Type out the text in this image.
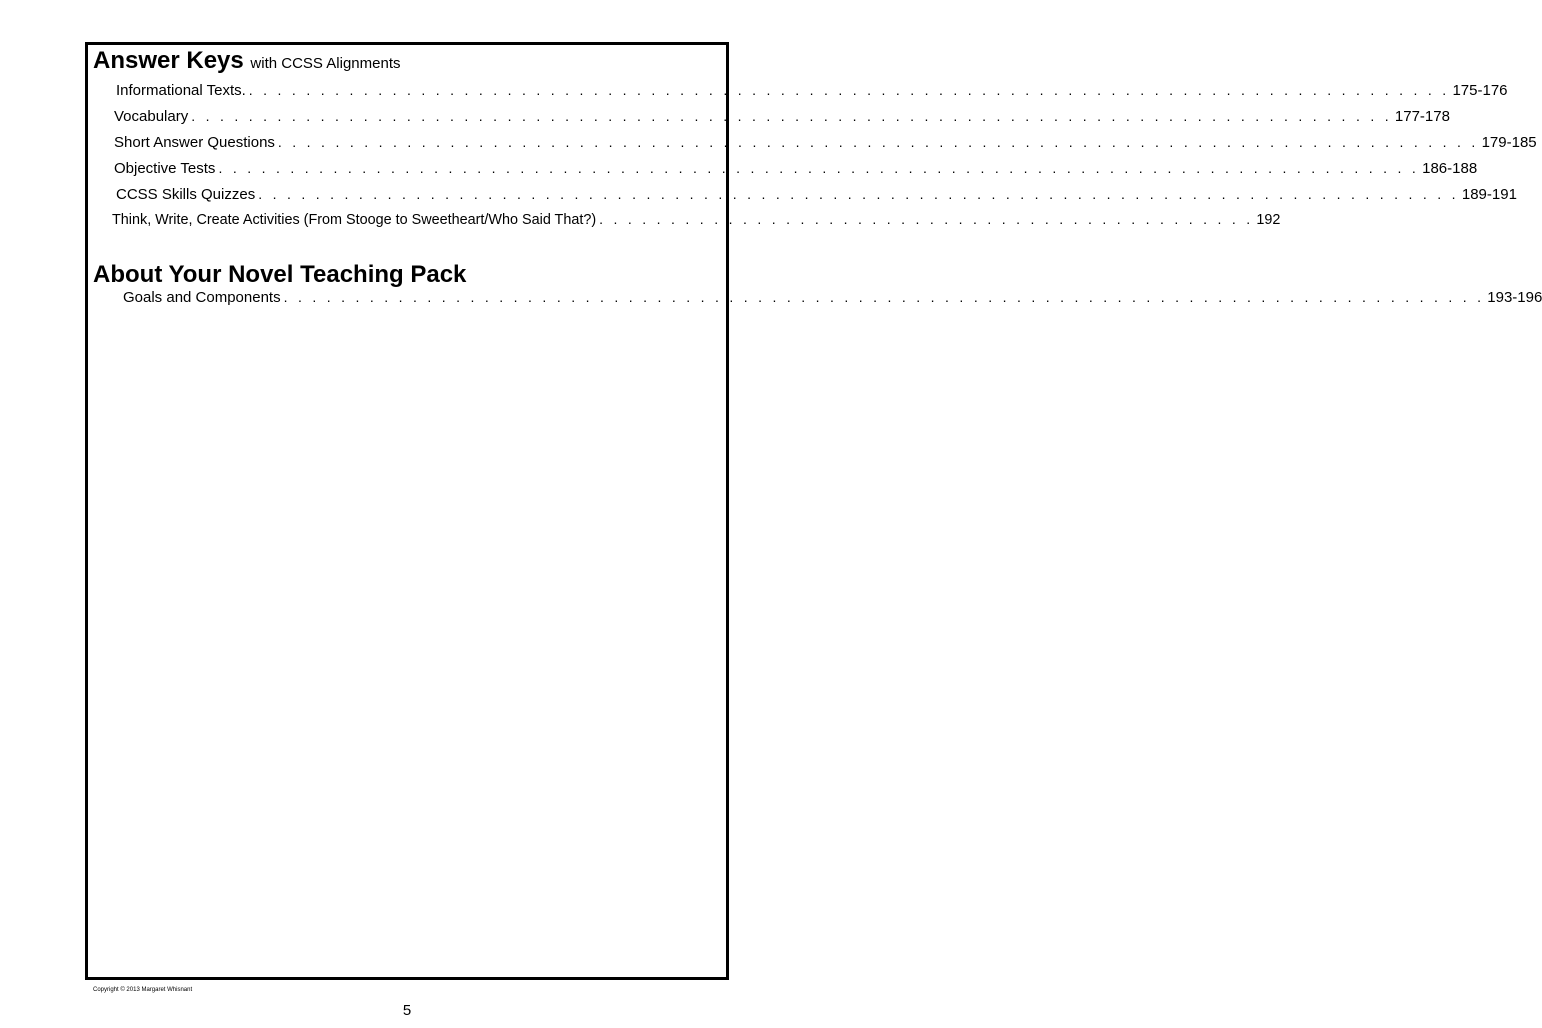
Answer Keys with CCSS Alignments
Informational Texts. . . . . . . . . . . . . . . . . . . . . . . . . . . . . . . . . . . . . . . . . . . . . . . . . . . . . . . . . . . . . . . . . . . . . . . . . . . . . . . . . . . . . 175-176
Vocabulary . . . . . . . . . . . . . . . . . . . . . . . . . . . . . . . . . . . . . . . . . . . . . . . . . . . . . . . . . . . . . . . . . . . . . . . . . . . . . . . . . . . . 177-178
Short Answer Questions . . . . . . . . . . . . . . . . . . . . . . . . . . . . . . . . . . . . . . . . . . . . . . . . . . . . . . . . . . . . . . . . . . . . . . . . . . . . . . . . . . . . 179-185
Objective Tests . . . . . . . . . . . . . . . . . . . . . . . . . . . . . . . . . . . . . . . . . . . . . . . . . . . . . . . . . . . . . . . . . . . . . . . . . . . . . . . . . . . . 186-188
CCSS Skills Quizzes . . . . . . . . . . . . . . . . . . . . . . . . . . . . . . . . . . . . . . . . . . . . . . . . . . . . . . . . . . . . . . . . . . . . . . . . . . . . . . . . . . . . 189-191
Think, Write, Create Activities (From Stooge to Sweetheart/Who Said That?) . . . . . . . . . . . . . . . . . . . . . . . . . . . . . . . . . . . . . . . . . . . . . . 192
About Your Novel Teaching Pack
Goals and Components . . . . . . . . . . . . . . . . . . . . . . . . . . . . . . . . . . . . . . . . . . . . . . . . . . . . . . . . . . . . . . . . . . . . . . . . . . . . . . . . . . . . 193-196
Copyright © 2013 Margaret Whisnant
5
